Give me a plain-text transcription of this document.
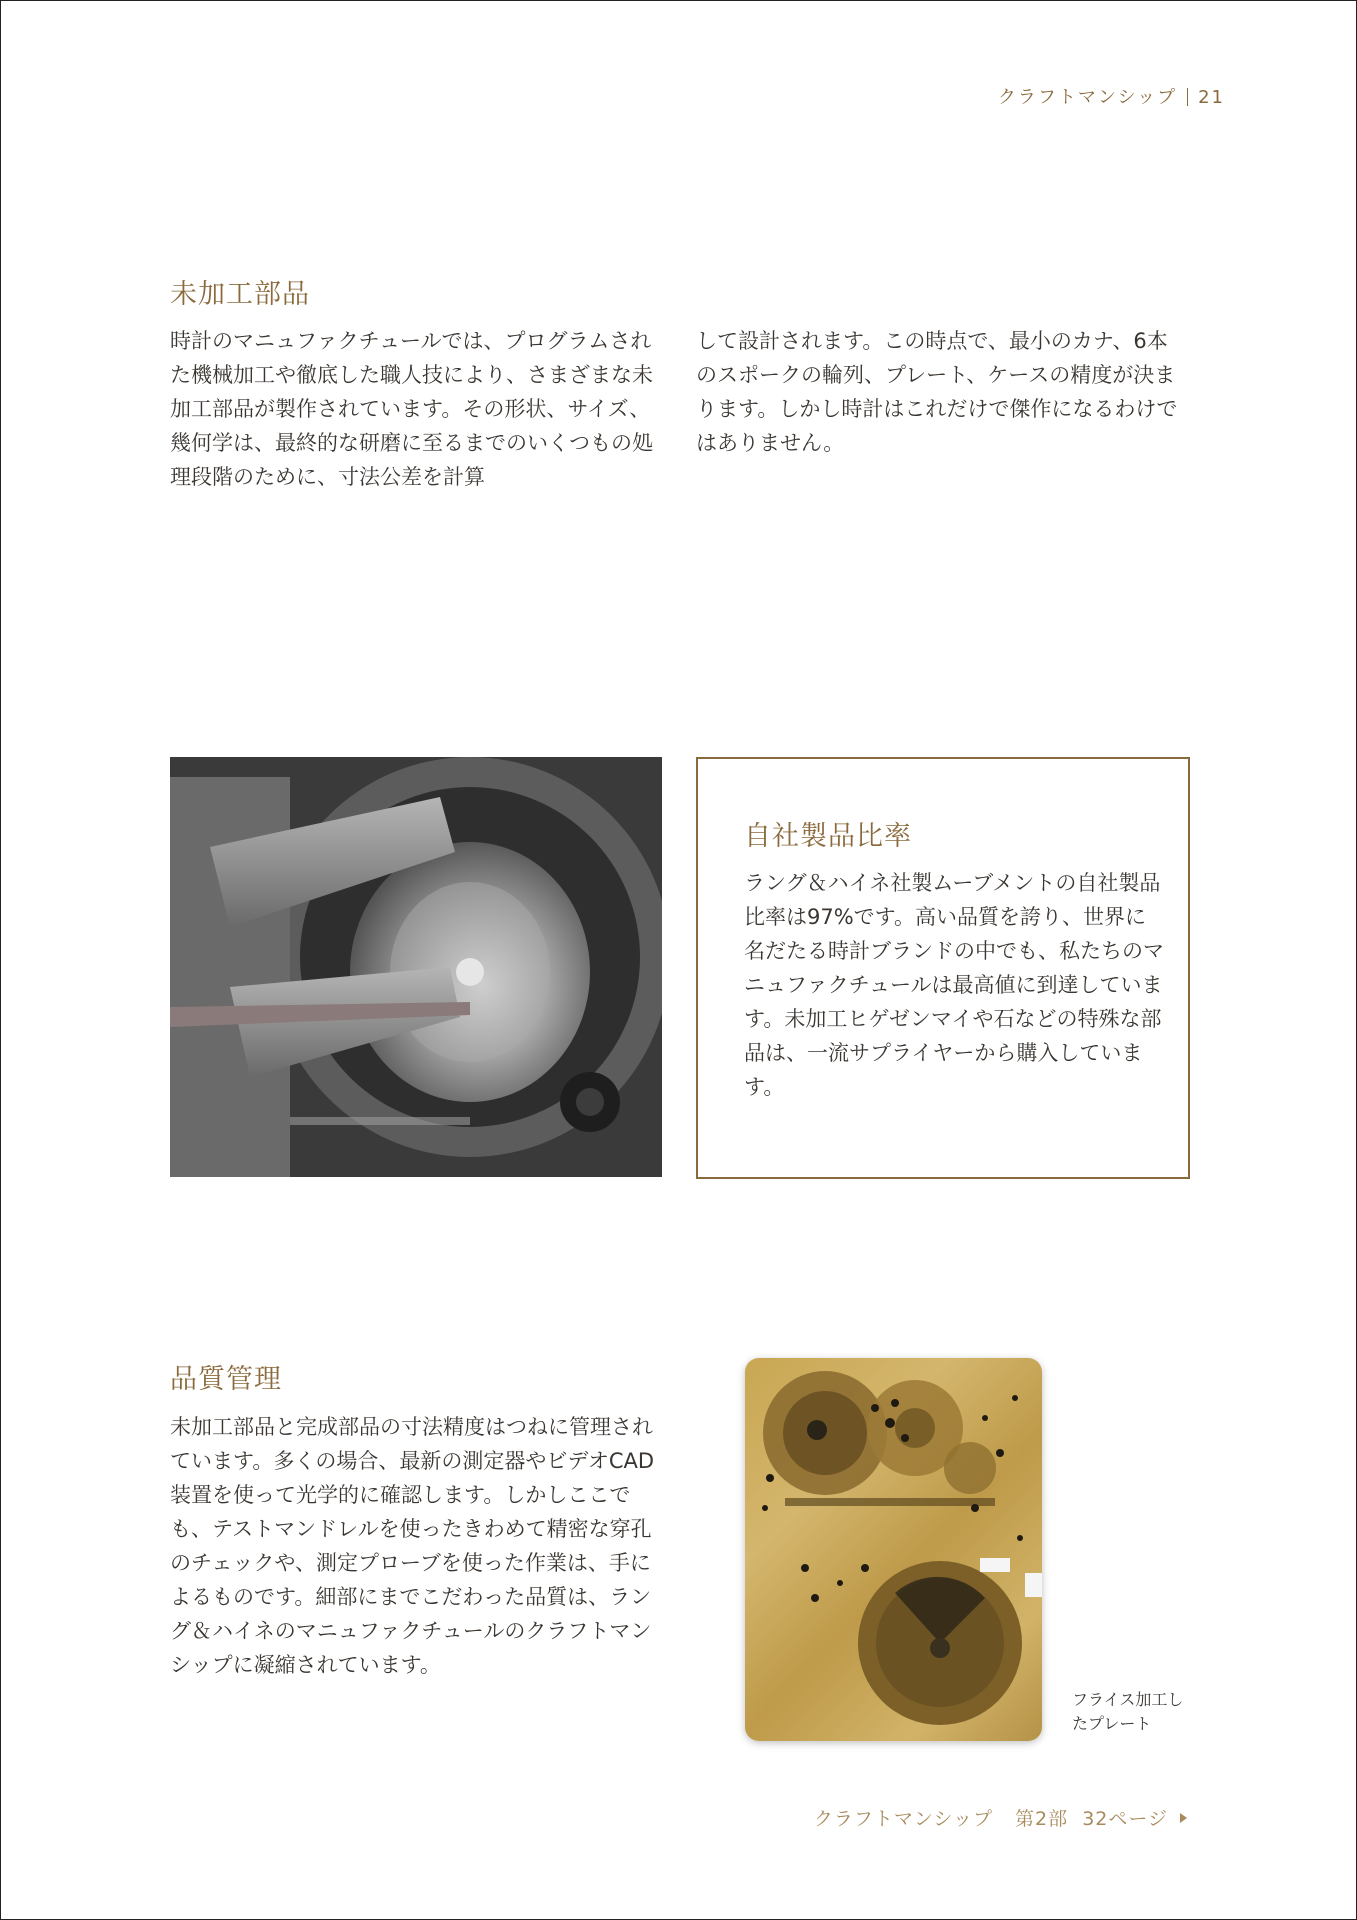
クラフトマンシップ 21
未加工部品
時計のマニュファクチュールでは、プログラムされた機械加工や徹底した職人技により、さまざまな未加工部品が製作されています。その形状、サイズ、幾何学は、最終的な研磨に至るまでのいくつもの処理段階のために、寸法公差を計算
して設計されます。この時点で、最小のカナ、6本のスポークの輪列、プレート、ケースの精度が決まります。しかし時計はこれだけで傑作になるわけではありません。
自社製品比率
ラング＆ハイネ社製ムーブメントの自社製品比率は97%です。高い品質を誇り、世界に名だたる時計ブランドの中でも、私たちのマニュファクチュールは最高値に到達しています。未加工ヒゲゼンマイや石などの特殊な部品は、一流サプライヤーから購入しています。
品質管理
未加工部品と完成部品の寸法精度はつねに管理されています。多くの場合、最新の測定器やビデオCAD装置を使って光学的に確認します。しかしここでも、テストマンドレルを使ったきわめて精密な穿孔のチェックや、測定プローブを使った作業は、手によるものです。細部にまでこだわった品質は、ラング＆ハイネのマニュファクチュールのクラフトマンシップに凝縮されています。
フライス加工したプレート
クラフトマンシップ 第2部 32ページ
